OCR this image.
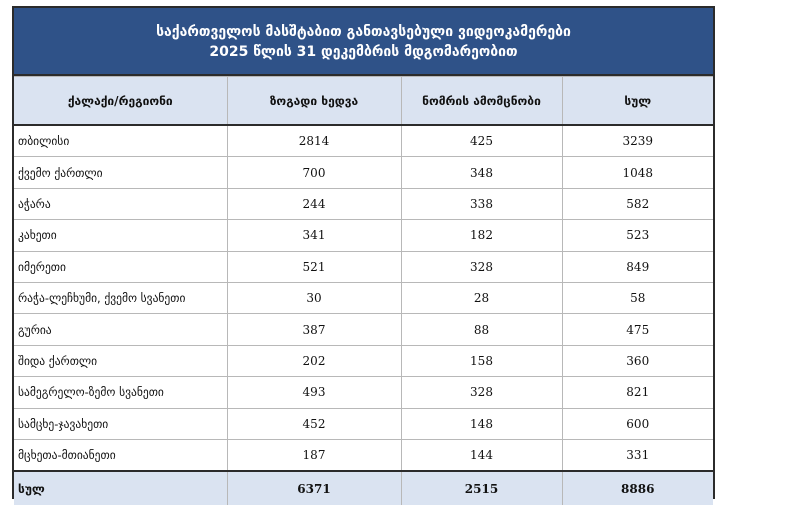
საქართველოს მასშტაბით განთავსებული ვიდეოკამერები
2025 წლის 31 დეკემბრის მდგომარეობით
ქალაქი/რეგიონი	ზოგადი ხედვა	ნომრის ამომცნობი	სულ
თბილისი	2814	425	3239
ქვემო ქართლი	700	348	1048
აჭარა	244	338	582
კახეთი	341	182	523
იმერეთი	521	328	849
რაჭა-ლეჩხუმი, ქვემო სვანეთი	30	28	58
გურია	387	88	475
შიდა ქართლი	202	158	360
სამეგრელო-ზემო სვანეთი	493	328	821
სამცხე-ჯავახეთი	452	148	600
მცხეთა-მთიანეთი	187	144	331
სულ	6371	2515	8886
